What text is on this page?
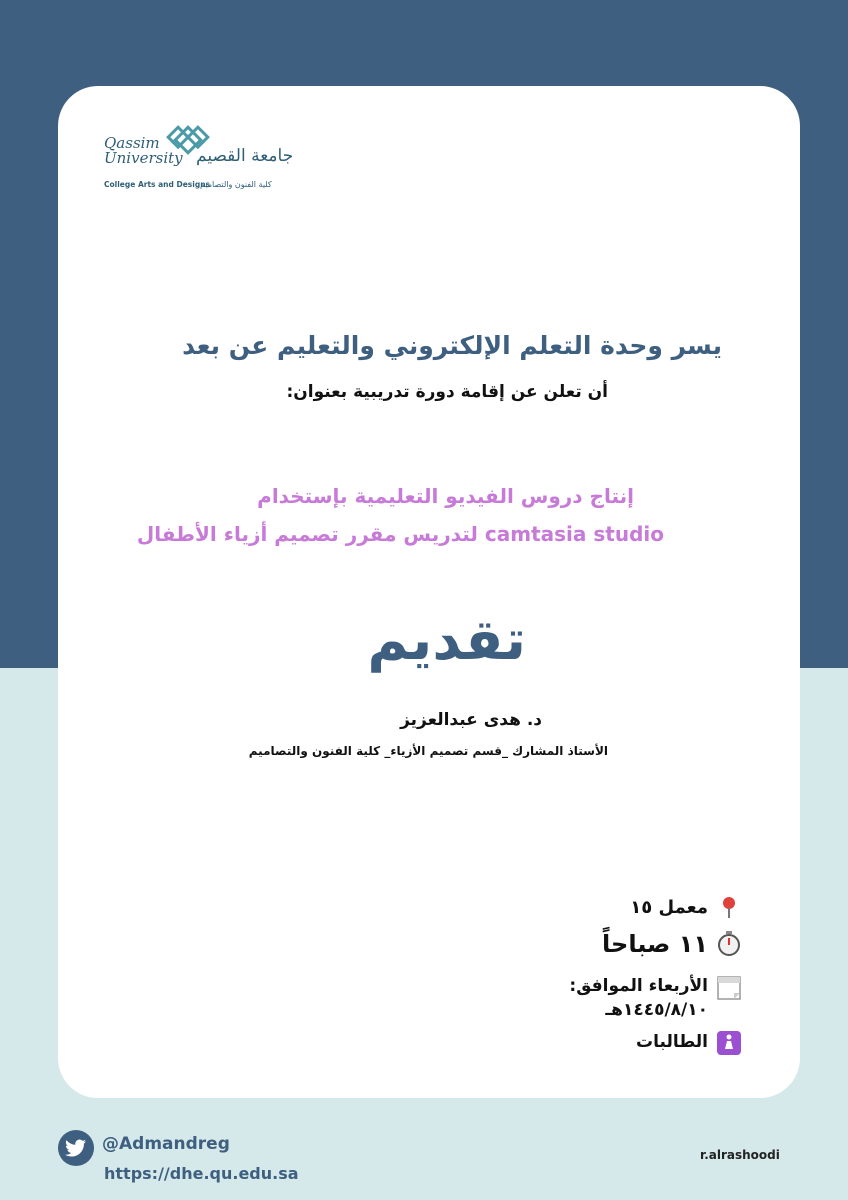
Qassim University
College Arts and Designs
جامعة القصيم
كلية الفنون والتصاميم
يسر وحدة التعلم الإلكتروني والتعليم عن بعد
أن تعلن عن إقامة دورة تدريبية بعنوان:
إنتاج دروس الفيديو التعليمية بإستخدام
camtasia studio لتدريس مقرر تصميم أزياء الأطفال
تقديم
د. هدى عبدالعزيز
الأستاذ المشارك _قسم تصميم الأزياء_ كلية الفنون والتصاميم
معمل ١٥
١١ صباحاً
الأربعاء الموافق:
١٤٤٥/٨/١٠هـ
الطالبات
@Admandreg
https://dhe.qu.edu.sa
r.alrashoodi
